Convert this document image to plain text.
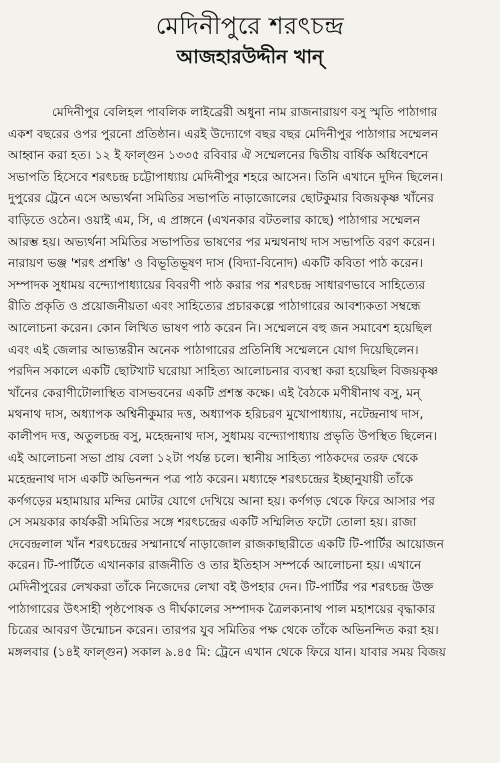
মেদিনীপুরে শরৎচন্দ্র
আজহারউদ্দীন খান্‌
মেদিনীপুর বেলিহল পাবলিক লাইব্রেরী অধুনা নাম রাজনারায়ণ বসু স্মৃতি পাঠাগার
একশ বছরের ওপর পুরনো প্রতিষ্ঠান। এরই উদ্যোগে বছর বছর মেদিনীপুর পাঠাগার সম্মেলন
আহ্বান করা হত। ১২ ই ফাল্গুন ১৩৩৫ রবিবার ঐ সম্মেলনের দ্বিতীয় বার্ষিক অধিবেশনে
সভাপতি হিসেবে শরৎচন্দ্র চট্টোপাধ্যায় মেদিনীপুর শহরে আসেন। তিনি এখানে দুদিন ছিলেন।
দুপুরের ট্রেনে এসে অভ্যর্থনা সমিতির সভাপতি নাড়াজোলের ছোটকুমার বিজয়কৃষ্ণ খাঁনের
বাড়িতে ওঠেন। ওয়াই এম, সি, এ প্রাঙ্গনে (এখনকার বটতলার কাছে) পাঠাগার সম্মেলন
আরম্ভ হয়। অভ্যর্থনা সমিতির সভাপতির ভাষণের পর মন্মথনাথ দাস সভাপতি বরণ করেন।
নারায়ণ ভঞ্জ 'শরৎ প্রশস্তি' ও বিভূতিভূষণ দাস (বিদ্যা-বিনোদ) একটি কবিতা পাঠ করেন।
সম্পাদক সুধাময় বন্দ্যোপাধ্যায়ের বিবরণী পাঠ করার পর শরৎচন্দ্র সাধারণভাবে সাহিত্যের
রীতি প্রকৃতি ও প্রয়োজনীয়তা এবং সাহিত্যের প্রচারকল্পে পাঠাগারের আবশ্যকতা সম্বন্ধে
আলোচনা করেন। কোন লিখিত ভাষণ পাঠ করেন নি। সম্মেলনে বহু জন সমাবেশ হয়েছিল
এবং এই জেলার আভ্যন্তরীন অনেক পাঠাগারের প্রতিনিধি সম্মেলনে যোগ দিয়েছিলেন।
পরদিন সকালে একটি ছোটখাট ঘরোয়া সাহিত্য আলোচনার ব্যবস্থা করা হয়েছিল বিজয়কৃষ্ণ
খাঁনের কেরাণীটোলাস্থিত বাসভবনের একটি প্রশস্ত কক্ষে। এই বৈঠকে মণীষীনাথ বসু, মন্
মথনাথ দাস, অধ্যাপক অশ্বিনীকুমার দত্ত, অধ্যাপক হরিচরণ মুখোপাধ্যায়, নটেন্দ্রনাথ দাস,
কালীপদ দত্ত, অতুলচন্দ্র বসু, মহেন্দ্রনাথ দাস, সুধাময় বন্দ্যোপাধ্যায় প্রভৃতি উপস্থিত ছিলেন।
এই আলোচনা সভা প্রায় বেলা ১২টা পর্যন্ত চলে। স্থানীয় সাহিত্য পাঠকদের তরফ থেকে
মহেন্দ্রনাথ দাস একটি অভিনন্দন পত্র পাঠ করেন। মধ্যাহ্নে শরৎচন্দ্রের ইচ্ছানুযায়ী তাঁকে
কর্ণগড়ের মহামায়ার মন্দির মোটর যোগে দেখিয়ে আনা হয়। কর্ণগড় থেকে ফিরে আসার পর
সে সময়কার কার্যকরী সমিতির সঙ্গে শরৎচন্দ্রের একটি সম্মিলিত ফটো তোলা হয়। রাজা
দেবেন্দ্রলাল খাঁন শরৎচন্দ্রের সম্মানার্থে নাড়াজোল রাজকাছারীতে একটি টি-পার্টির আয়োজন
করেন। টি-পার্টিতে এখানকার রাজনীতি ও তার ইতিহাস সম্পর্কে আলোচনা হয়। এখানে
মেদিনীপুরের লেখকরা তাঁকে নিজেদের লেখা বই উপহার দেন। টি-পার্টির পর শরৎচন্দ্র উক্ত
পাঠাগারের উৎসাহী পৃষ্ঠপোষক ও দীর্ঘকালের সম্পাদক ত্রৈলক্যনাথ পাল মহাশয়ের বৃদ্ধাকার
চিত্রের আবরণ উন্মোচন করেন। তারপর যুব সমিতির পক্ষ থেকে তাঁকে অভিনন্দিত করা হয়।
মঙ্গলবার (১৪ই ফাল্গুন) সকাল ৯.৪৫ মি: ট্রেনে এখান থেকে ফিরে যান। যাবার সময় বিজয়
